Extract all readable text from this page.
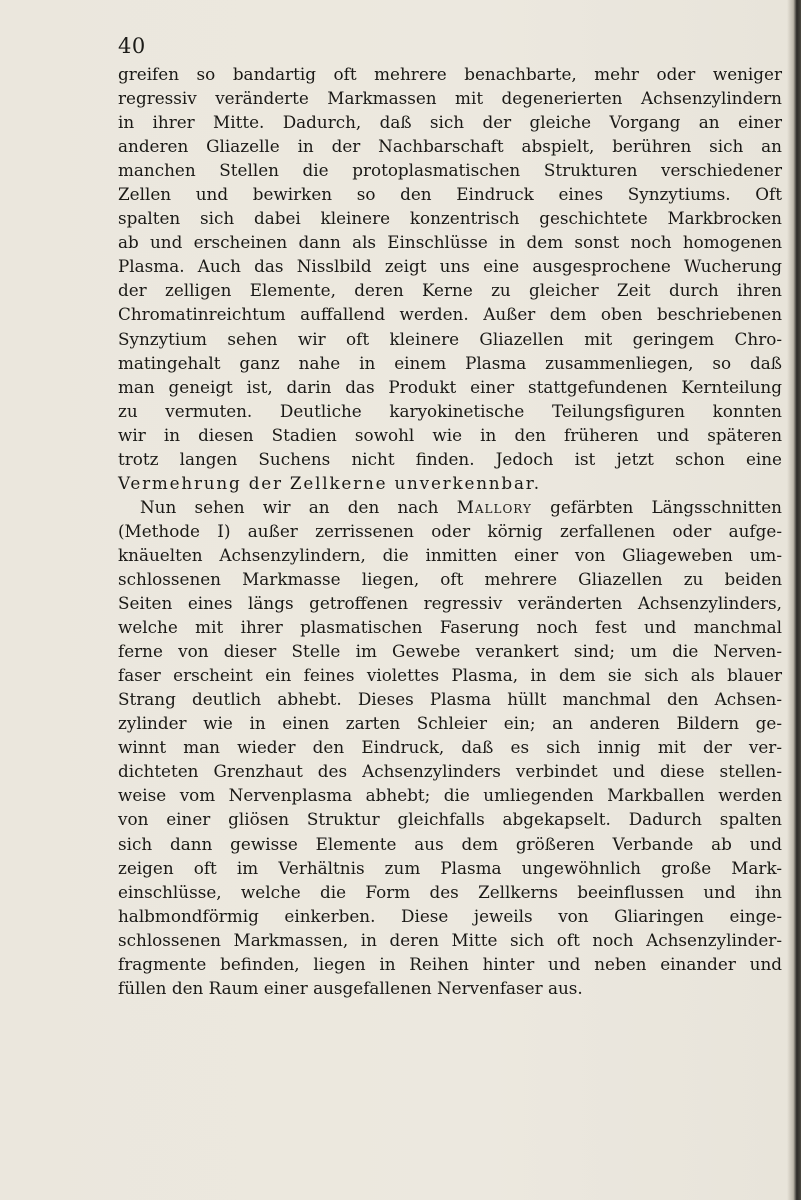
40
greifen so bandartig oft mehrere benachbarte, mehr oder weniger
regressiv veränderte Markmassen mit degenerierten Achsenzylindern
in ihrer Mitte. Dadurch, daß sich der gleiche Vorgang an einer
anderen Gliazelle in der Nachbarschaft abspielt, berühren sich an
manchen Stellen die protoplasmatischen Strukturen verschiedener
Zellen und bewirken so den Eindruck eines Synzytiums. Oft
spalten sich dabei kleinere konzentrisch geschichtete Markbrocken
ab und erscheinen dann als Einschlüsse in dem sonst noch homogenen
Plasma. Auch das Nisslbild zeigt uns eine ausgesprochene Wucherung
der zelligen Elemente, deren Kerne zu gleicher Zeit durch ihren
Chromatinreichtum auffallend werden. Außer dem oben beschriebenen
Synzytium sehen wir oft kleinere Gliazellen mit geringem Chro-
matingehalt ganz nahe in einem Plasma zusammenliegen, so daß
man geneigt ist, darin das Produkt einer stattgefundenen Kernteilung
zu vermuten. Deutliche karyokinetische Teilungsfiguren konnten
wir in diesen Stadien sowohl wie in den früheren und späteren
trotz langen Suchens nicht finden. Jedoch ist jetzt schon eine
Vermehrung der Zellkerne unverkennbar.
Nun sehen wir an den nach Mallory gefärbten Längsschnitten
(Methode I) außer zerrissenen oder körnig zerfallenen oder aufge-
knäuelten Achsenzylindern, die inmitten einer von Gliageweben um-
schlossenen Markmasse liegen, oft mehrere Gliazellen zu beiden
Seiten eines längs getroffenen regressiv veränderten Achsenzylinders,
welche mit ihrer plasmatischen Faserung noch fest und manchmal
ferne von dieser Stelle im Gewebe verankert sind; um die Nerven-
faser erscheint ein feines violettes Plasma, in dem sie sich als blauer
Strang deutlich abhebt. Dieses Plasma hüllt manchmal den Achsen-
zylinder wie in einen zarten Schleier ein; an anderen Bildern ge-
winnt man wieder den Eindruck, daß es sich innig mit der ver-
dichteten Grenzhaut des Achsenzylinders verbindet und diese stellen-
weise vom Nervenplasma abhebt; die umliegenden Markballen werden
von einer gliösen Struktur gleichfalls abgekapselt. Dadurch spalten
sich dann gewisse Elemente aus dem größeren Verbande ab und
zeigen oft im Verhältnis zum Plasma ungewöhnlich große Mark-
einschlüsse, welche die Form des Zellkerns beeinflussen und ihn
halbmondförmig einkerben. Diese jeweils von Gliaringen einge-
schlossenen Markmassen, in deren Mitte sich oft noch Achsenzylinder-
fragmente befinden, liegen in Reihen hinter und neben einander und
füllen den Raum einer ausgefallenen Nervenfaser aus.
